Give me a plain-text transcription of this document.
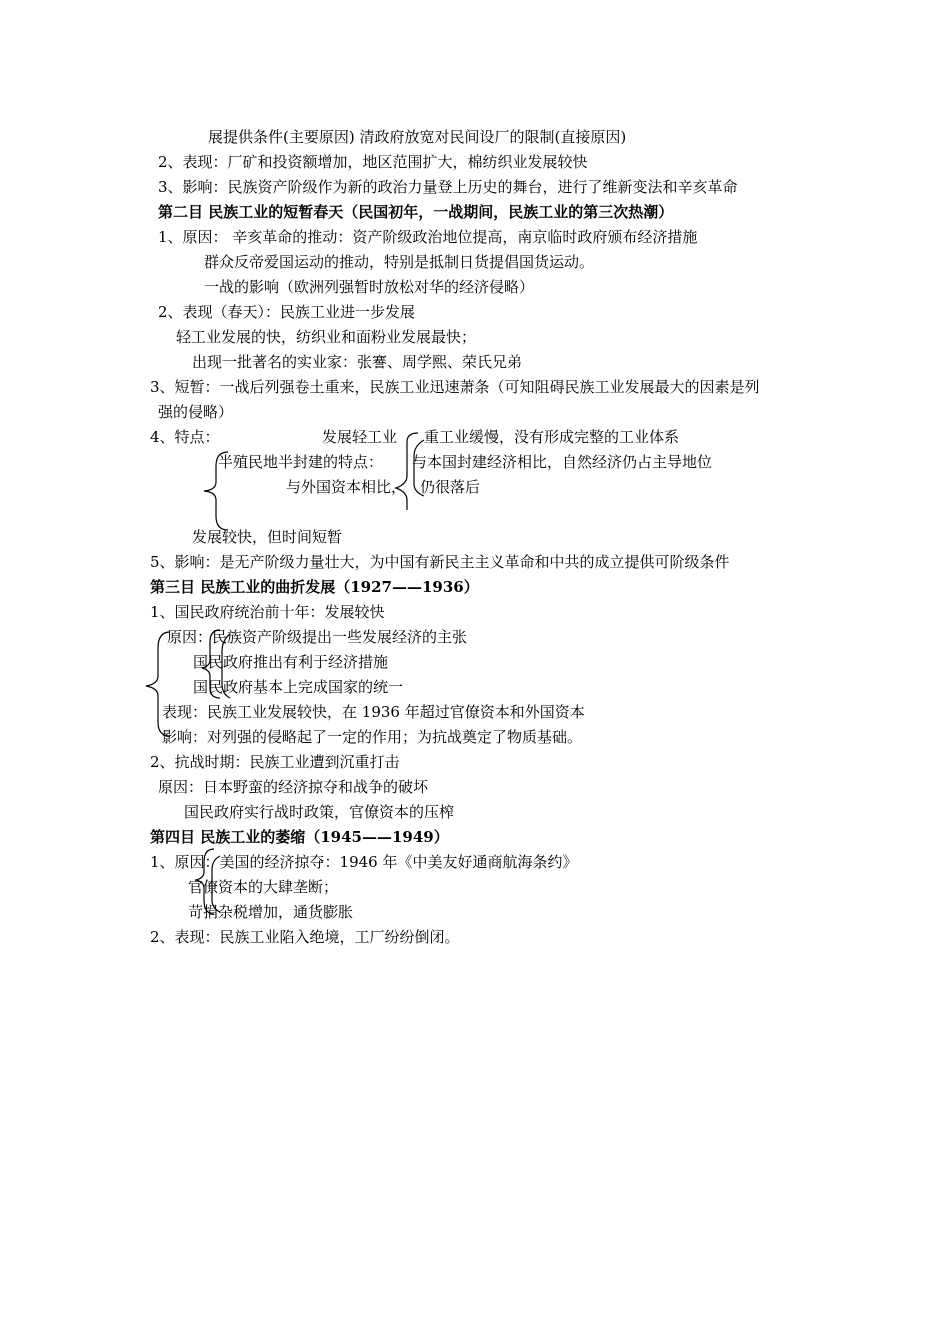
展提供条件(主要原因) 清政府放宽对民间设厂的限制(直接原因)
2、表现：厂矿和投资额增加，地区范围扩大，棉纺织业发展较快
3、影响：民族资产阶级作为新的政治力量登上历史的舞台，进行了维新变法和辛亥革命
第二目 民族工业的短暂春天（民国初年，一战期间，民族工业的第三次热潮）
1、原因： 辛亥革命的推动：资产阶级政治地位提高，南京临时政府颁布经济措施
群众反帝爱国运动的推动，特别是抵制日货提倡国货运动。
一战的影响（欧洲列强暂时放松对华的经济侵略）
2、表现（春天）：民族工业进一步发展
轻工业发展的快，纺织业和面粉业发展最快；
出现一批著名的实业家：张謇、周学熙、荣氏兄弟
3、短暂：一战后列强卷土重来，民族工业迅速萧条（可知阻碍民族工业发展最大的因素是列
强的侵略）
4、特点：	发展轻工业 重工业缓慢，没有形成完整的工业体系
半殖民地半封建的特点： 与本国封建经济相比，自然经济仍占主导地位
与外国资本相比， 仍很落后
发展较快，但时间短暂
5、影响：是无产阶级力量壮大，为中国有新民主主义革命和中共的成立提供可阶级条件
第三目 民族工业的曲折发展（1927——1936）
1、国民政府统治前十年：发展较快
原因：民族资产阶级提出一些发展经济的主张
国民政府推出有利于经济措施
国民政府基本上完成国家的统一
表现：民族工业发展较快，在 1936 年超过官僚资本和外国资本
影响：对列强的侵略起了一定的作用；为抗战奠定了物质基础。
2、抗战时期：民族工业遭到沉重打击
原因：日本野蛮的经济掠夺和战争的破坏
国民政府实行战时政策，官僚资本的压榨
第四目 民族工业的萎缩（1945——1949）
1、原因：美国的经济掠夺：1946 年《中美友好通商航海条约》
官僚资本的大肆垄断；
苛捐杂税增加，通货膨胀
2、表现：民族工业陷入绝境，工厂纷纷倒闭。
